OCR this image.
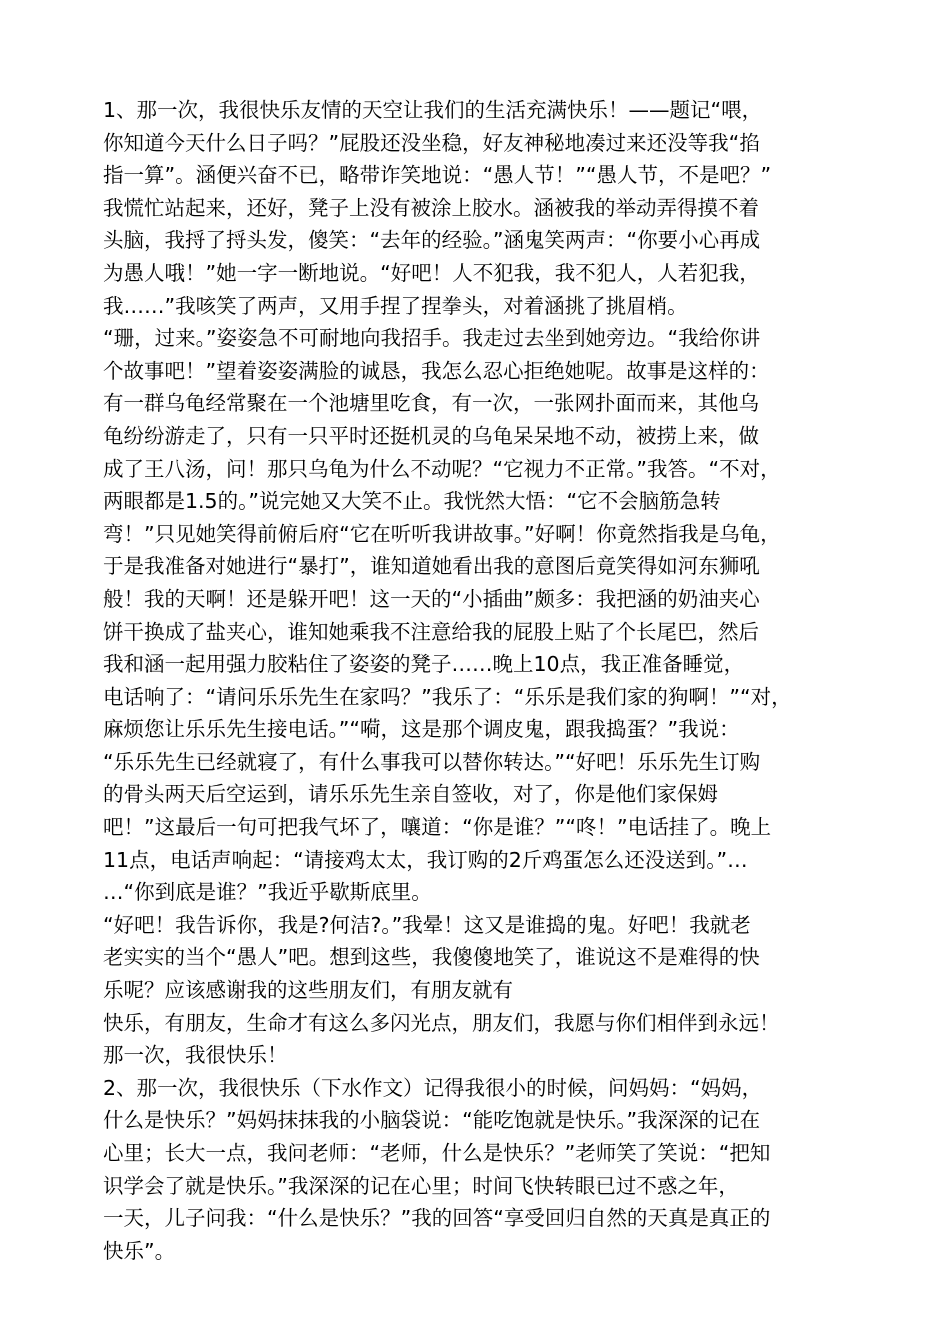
1、那一次，我很快乐友情的天空让我们的生活充满快乐！——题记“喂，
你知道今天什么日子吗？”屁股还没坐稳，好友神秘地凑过来还没等我“掐
指一算”。涵便兴奋不已，略带诈笑地说：“愚人节！”“愚人节，不是吧？”
我慌忙站起来，还好，凳子上没有被涂上胶水。涵被我的举动弄得摸不着
头脑，我捋了捋头发，傻笑：“去年的经验。”涵鬼笑两声：“你要小心再成
为愚人哦！”她一字一断地说。“好吧！人不犯我，我不犯人，人若犯我，
我……”我咳笑了两声，又用手捏了捏拳头，对着涵挑了挑眉梢。
“珊，过来。”姿姿急不可耐地向我招手。我走过去坐到她旁边。“我给你讲
个故事吧！”望着姿姿满脸的诚恳，我怎么忍心拒绝她呢。故事是这样的：
有一群乌龟经常聚在一个池塘里吃食，有一次，一张网扑面而来，其他乌
龟纷纷游走了，只有一只平时还挺机灵的乌龟呆呆地不动，被捞上来，做
成了王八汤，问！那只乌龟为什么不动呢？“它视力不正常。”我答。“不对，
两眼都是1.5的。”说完她又大笑不止。我恍然大悟：“它不会脑筋急转
弯！”只见她笑得前俯后府“它在听听我讲故事。”好啊！你竟然指我是乌龟，
于是我准备对她进行“暴打”，谁知道她看出我的意图后竟笑得如河东狮吼
般！我的天啊！还是躲开吧！这一天的“小插曲”颇多：我把涵的奶油夹心
饼干换成了盐夹心，谁知她乘我不注意给我的屁股上贴了个长尾巴，然后
我和涵一起用强力胶粘住了姿姿的凳子……晚上10点，我正准备睡觉，
电话响了：“请问乐乐先生在家吗？”我乐了：“乐乐是我们家的狗啊！”“对，
麻烦您让乐乐先生接电话。”“嗬，这是那个调皮鬼，跟我捣蛋？”我说：
“乐乐先生已经就寝了，有什么事我可以替你转达。”“好吧！乐乐先生订购
的骨头两天后空运到，请乐乐先生亲自签收，对了，你是他们家保姆
吧！”这最后一句可把我气坏了，嚷道：“你是谁？”“咚！”电话挂了。晚上
11点，电话声响起：“请接鸡太太，我订购的2斤鸡蛋怎么还没送到。”…
…“你到底是谁？”我近乎歇斯底里。
“好吧！我告诉你，我是?何洁?。”我晕！这又是谁捣的鬼。好吧！我就老
老实实的当个“愚人”吧。想到这些，我傻傻地笑了，谁说这不是难得的快
乐呢？应该感谢我的这些朋友们，有朋友就有
快乐，有朋友，生命才有这么多闪光点，朋友们，我愿与你们相伴到永远！
那一次，我很快乐！
2、那一次，我很快乐（下水作文）记得我很小的时候，问妈妈：“妈妈，
什么是快乐？”妈妈抹抹我的小脑袋说：“能吃饱就是快乐。”我深深的记在
心里；长大一点，我问老师：“老师，什么是快乐？”老师笑了笑说：“把知
识学会了就是快乐。”我深深的记在心里；时间飞快转眼已过不惑之年，
一天，儿子问我：“什么是快乐？”我的回答“享受回归自然的天真是真正的
快乐”。
